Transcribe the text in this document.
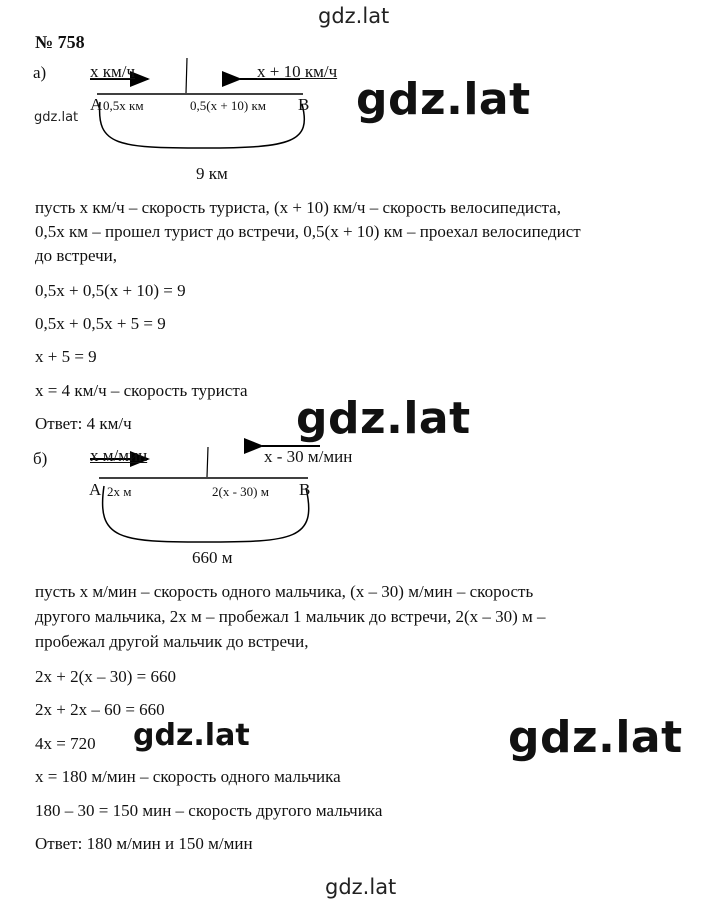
gdz.lat
gdz.lat
gdz.lat
gdz.lat
gdz.lat	gdz.lat
gdz.lat
№ 758
а)	х км/ч	х + 10 км/ч
А 0,5х км	0,5(х + 10) км В
9 км
пусть х км/ч – скорость туриста, (х + 10) км/ч – скорость велосипедиста,
0,5х км – прошел турист до встречи, 0,5(х + 10) км – проехал велосипедист
до встречи,
0,5х + 0,5(х + 10) = 9
0,5х + 0,5х + 5 = 9
х + 5 = 9
х = 4 км/ч – скорость туриста
Ответ: 4 км/ч
б)	х м/мин	х - 30 м/мин
А 2х м	2(х - 30) м В
660 м
пусть х м/мин – скорость одного мальчика, (х – 30) м/мин – скорость
другого мальчика, 2х м – пробежал 1 мальчик до встречи, 2(х – 30) м –
пробежал другой мальчик до встречи,
2х + 2(х – 30) = 660
2х + 2х – 60 = 660
4х = 720
х = 180 м/мин – скорость одного мальчика
180 – 30 = 150 мин – скорость другого мальчика
Ответ: 180 м/мин и 150 м/мин
